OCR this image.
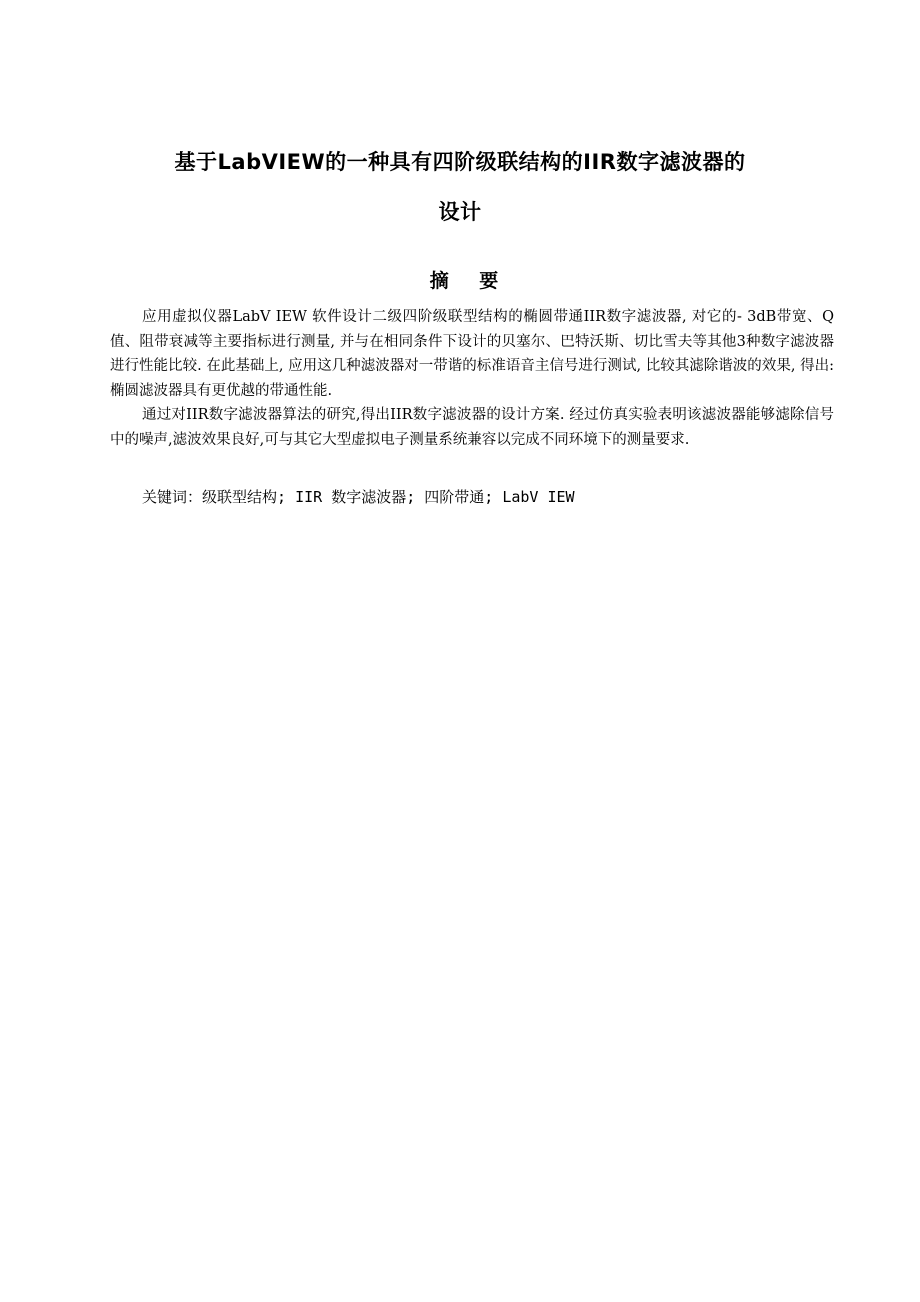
基于LabVIEW的一种具有四阶级联结构的IIR数字滤波器的
设计
摘 要

应用虚拟仪器LabV IEW 软件设计二级四阶级联型结构的椭圆带通IIR数字滤波器, 对它的- 3dB带宽、Q值、阻带衰减等主要指标进行测量, 并与在相同条件下设计的贝塞尔、巴特沃斯、切比雪夫等其他3种数字滤波器进行性能比较. 在此基础上, 应用这几种滤波器对一带谐的标准语音主信号进行测试, 比较其滤除谐波的效果, 得出: 椭圆滤波器具有更优越的带通性能.

通过对IIR数字滤波器算法的研究,得出IIR数字滤波器的设计方案. 经过仿真实验表明该滤波器能够滤除信号中的噪声,滤波效果良好,可与其它大型虚拟电子测量系统兼容以完成不同环境下的测量要求.

关键词：级联型结构; IIR 数字滤波器; 四阶带通; LabV IEW
